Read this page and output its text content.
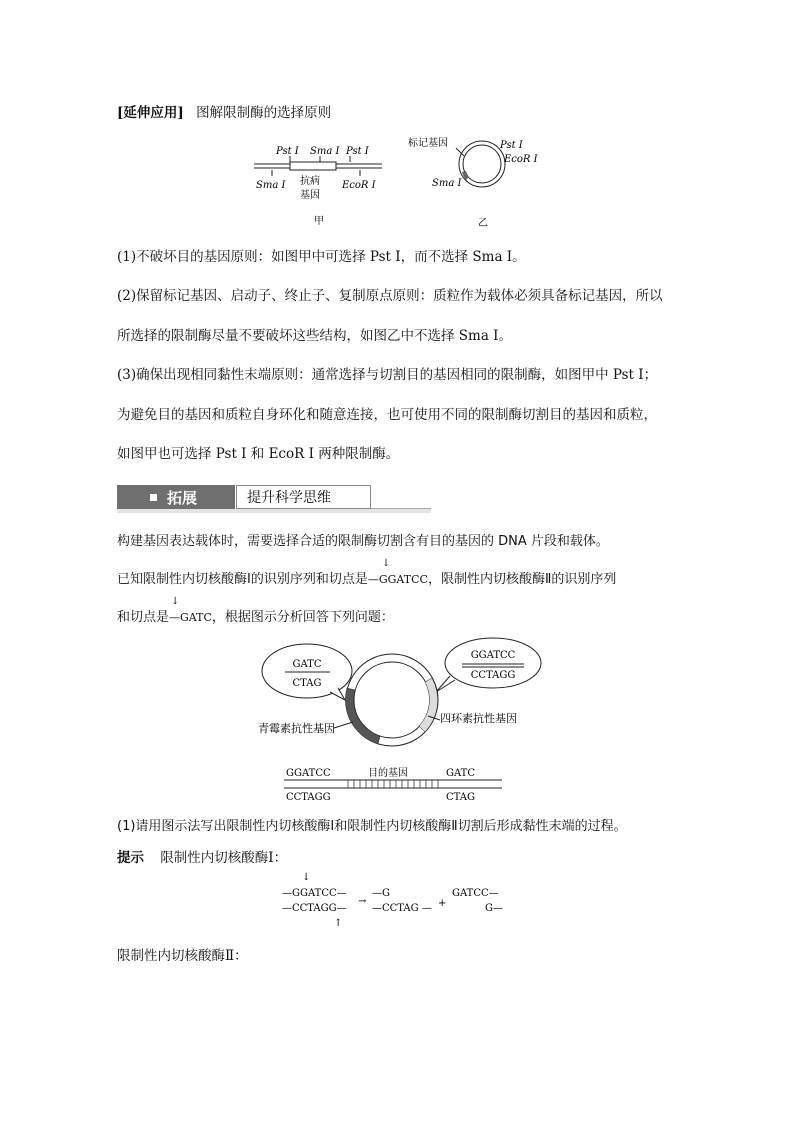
[延伸应用] 图解限制酶的选择原则
Pst Ⅰ Sma Ⅰ Pst Ⅰ
Sma Ⅰ 抗病
基因
EcoR Ⅰ
甲
标记基因	Pst Ⅰ
EcoR Ⅰ
Sma Ⅰ
乙
(1)不破坏目的基因原则：如图甲中可选择 Pst Ⅰ，而不选择 Sma Ⅰ。
(2)保留标记基因、启动子、终止子、复制原点原则：质粒作为载体必须具备标记基因，所以
所选择的限制酶尽量不要破坏这些结构，如图乙中不选择 Sma Ⅰ。
(3)确保出现相同黏性末端原则：通常选择与切割目的基因相同的限制酶，如图甲中 Pst Ⅰ；
为避免目的基因和质粒自身环化和随意连接，也可使用不同的限制酶切割目的基因和质粒，
如图甲也可选择 Pst Ⅰ 和 EcoR Ⅰ 两种限制酶。
拓展	提升科学思维
构建基因表达载体时，需要选择合适的限制酶切割含有目的基因的 DNA 片段和载体。
已知限制性内切核酸酶Ⅰ的识别序列和切点是
↓
—GGATCC，限制性内切核酸酶Ⅱ的识别序列
和切点是
↓
—GATC，根据图示分析回答下列问题：
GATC
CTAG
GGATCC
CCTAGG
青霉素抗性基因
四环素抗性基因
GGATCC	目的基因	GATC
CCTAGG	CTAG
(1)请用图示法写出限制性内切核酸酶Ⅰ和限制性内切核酸酶Ⅱ切割后形成黏性末端的过程。
提示 限制性内切核酸酶Ⅰ：
↓
—GGATCC—
—CCTAGG—
↑
→
—G
—CCTAG — +
GATCC—
G—
限制性内切核酸酶Ⅱ：
